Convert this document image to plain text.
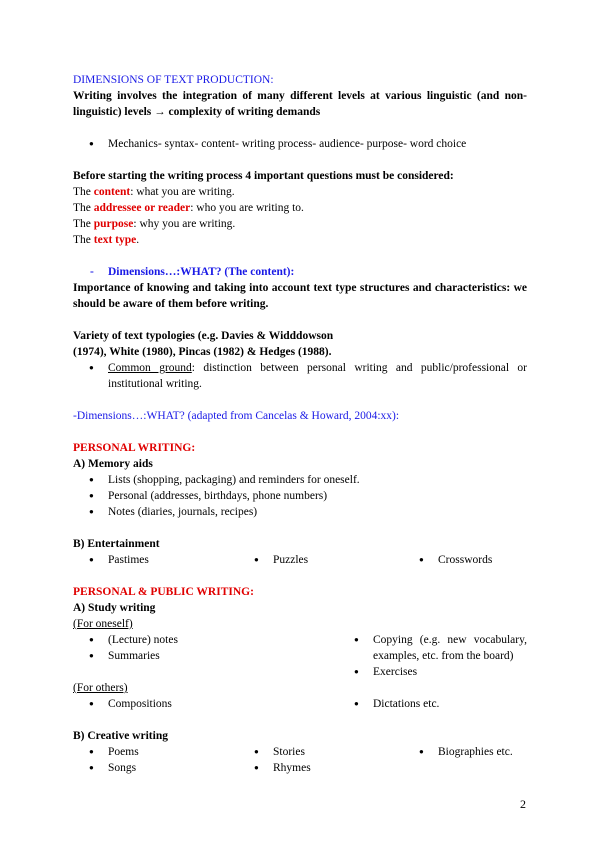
DIMENSIONS OF TEXT PRODUCTION:
Writing involves the integration of many different levels at various linguistic (and non-linguistic) levels → complexity of writing demands
● Mechanics- syntax- content- writing process- audience- purpose- word choice
Before starting the writing process 4 important questions must be considered:
The content: what you are writing.
The addressee or reader: who you are writing to.
The purpose: why you are writing.
The text type.
- Dimensions…:WHAT? (The content):
Importance of knowing and taking into account text type structures and characteristics: we should be aware of them before writing.
Variety of text typologies (e.g. Davies & Widddowson
(1974), White (1980), Pincas (1982) & Hedges (1988).
● Common ground: distinction between personal writing and public/professional or institutional writing.
-Dimensions…:WHAT? (adapted from Cancelas & Howard, 2004:xx):
PERSONAL WRITING:
A) Memory aids
● Lists (shopping, packaging) and reminders for oneself.
● Personal (addresses, birthdays, phone numbers)
● Notes (diaries, journals, recipes)
B) Entertainment
● Pastimes	● Puzzles	● Crosswords
PERSONAL & PUBLIC WRITING:
A) Study writing
(For oneself)
● (Lecture) notes
● Summaries
● Copying (e.g. new vocabulary, examples, etc. from the board)
● Exercises
(For others)
● Compositions	● Dictations etc.
B) Creative writing
● Poems	● Stories	● Biographies etc.
● Songs	● Rhymes
2
